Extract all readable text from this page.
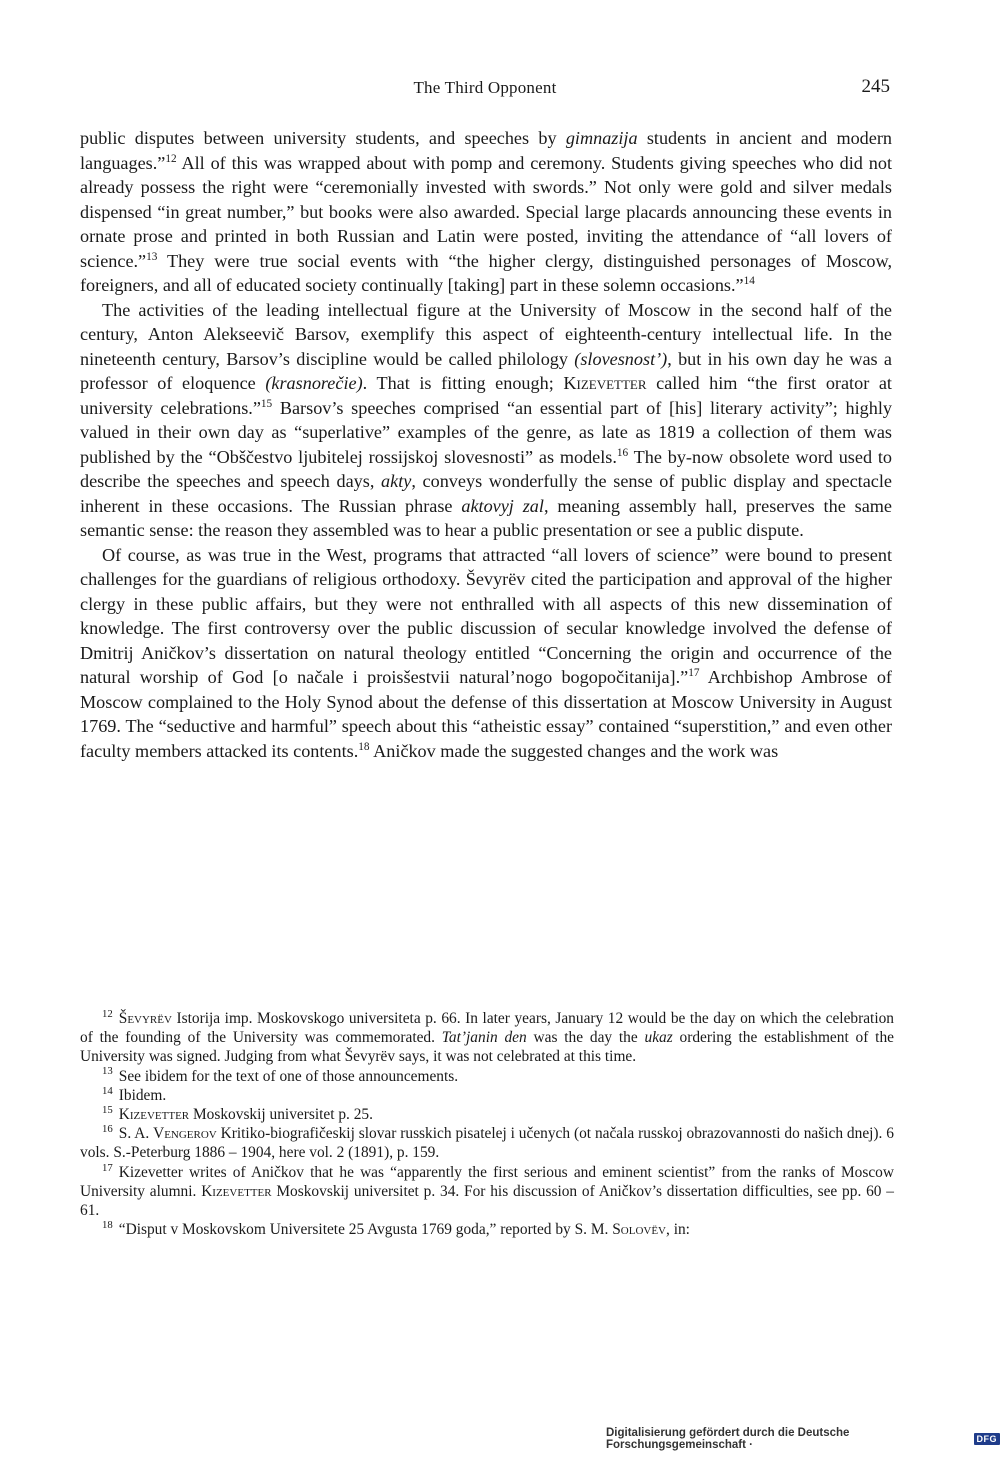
The Third Opponent	245

public disputes between university students, and speeches by gimnazija students in ancient and modern languages.”$^{12}$ All of this was wrapped about with pomp and ceremony. Students giving speeches who did not already possess the right were “ceremonially invested with swords.” Not only were gold and silver medals dispensed “in great number,” but books were also awarded. Special large placards announcing these events in ornate prose and printed in both Russian and Latin were posted, inviting the attendance of “all lovers of science.”$^{13}$ They were true social events with “the higher clergy, distinguished personages of Moscow, foreigners, and all of educated society continually [taking] part in these solemn occasions.”$^{14}$

The activities of the leading intellectual figure at the University of Moscow in the second half of the century, Anton Alekseevič Barsov, exemplify this aspect of eighteenth-century intellectual life. In the nineteenth century, Barsov’s discipline would be called philology (slovesnost’), but in his own day he was a professor of eloquence (krasnorečie). That is fitting enough; Kizevetter called him “the first orator at university celebrations.”$^{15}$ Barsov’s speeches comprised “an essential part of [his] literary activity”; highly valued in their own day as “superlative” examples of the genre, as late as 1819 a collection of them was published by the “Obščestvo ljubitelej rossijskoj slovesnosti” as models.$^{16}$ The by-now obsolete word used to describe the speeches and speech days, akty, conveys wonderfully the sense of public display and spectacle inherent in these occasions. The Russian phrase aktovyj zal, meaning assembly hall, preserves the same semantic sense: the reason they assembled was to hear a public presentation or see a public dispute.

Of course, as was true in the West, programs that attracted “all lovers of science” were bound to present challenges for the guardians of religious orthodoxy. Ševyrëv cited the participation and approval of the higher clergy in these public affairs, but they were not enthralled with all aspects of this new dissemination of knowledge. The first controversy over the public discussion of secular knowledge involved the defense of Dmitrij Aničkov’s dissertation on natural theology entitled “Concerning the origin and occurrence of the natural worship of God [o načale i proisšestvii natural’nogo bogopočitanija].”$^{17}$ Archbishop Ambrose of Moscow complained to the Holy Synod about the defense of this dissertation at Moscow University in August 1769. The “seductive and harmful” speech about this “atheistic essay” contained “superstition,” and even other faculty members attacked its contents.$^{18}$ Aničkov made the suggested changes and the work was

$^{12}$ Ševyrëv Istorija imp. Moskovskogo universiteta p. 66. In later years, January 12 would be the day on which the celebration of the founding of the University was commemorated. Tat’janin den was the day the ukaz ordering the establishment of the University was signed. Judging from what Ševyrëv says, it was not celebrated at this time.

$^{13}$ See ibidem for the text of one of those announcements.

$^{14}$ Ibidem.

$^{15}$ Kizevetter Moskovskij universitet p. 25.

$^{16}$ S. A. Vengerov Kritiko-biografičeskij slovar russkich pisatelej i učenych (ot načala russkoj obrazovannosti do našich dnej). 6 vols. S.-Peterburg 1886 – 1904, here vol. 2 (1891), p. 159.

$^{17}$ Kizevetter writes of Aničkov that he was “apparently the first serious and eminent scientist” from the ranks of Moscow University alumni. Kizevetter Moskovskij universitet p. 34. For his discussion of Aničkov’s dissertation difficulties, see pp. 60 – 61.

$^{18}$ “Disput v Moskovskom Universitete 25 Avgusta 1769 goda,” reported by S. M. Solovëv, in:

Digitalisierung gefördert durch die Deutsche Forschungsgemeinschaft ·	DFG
